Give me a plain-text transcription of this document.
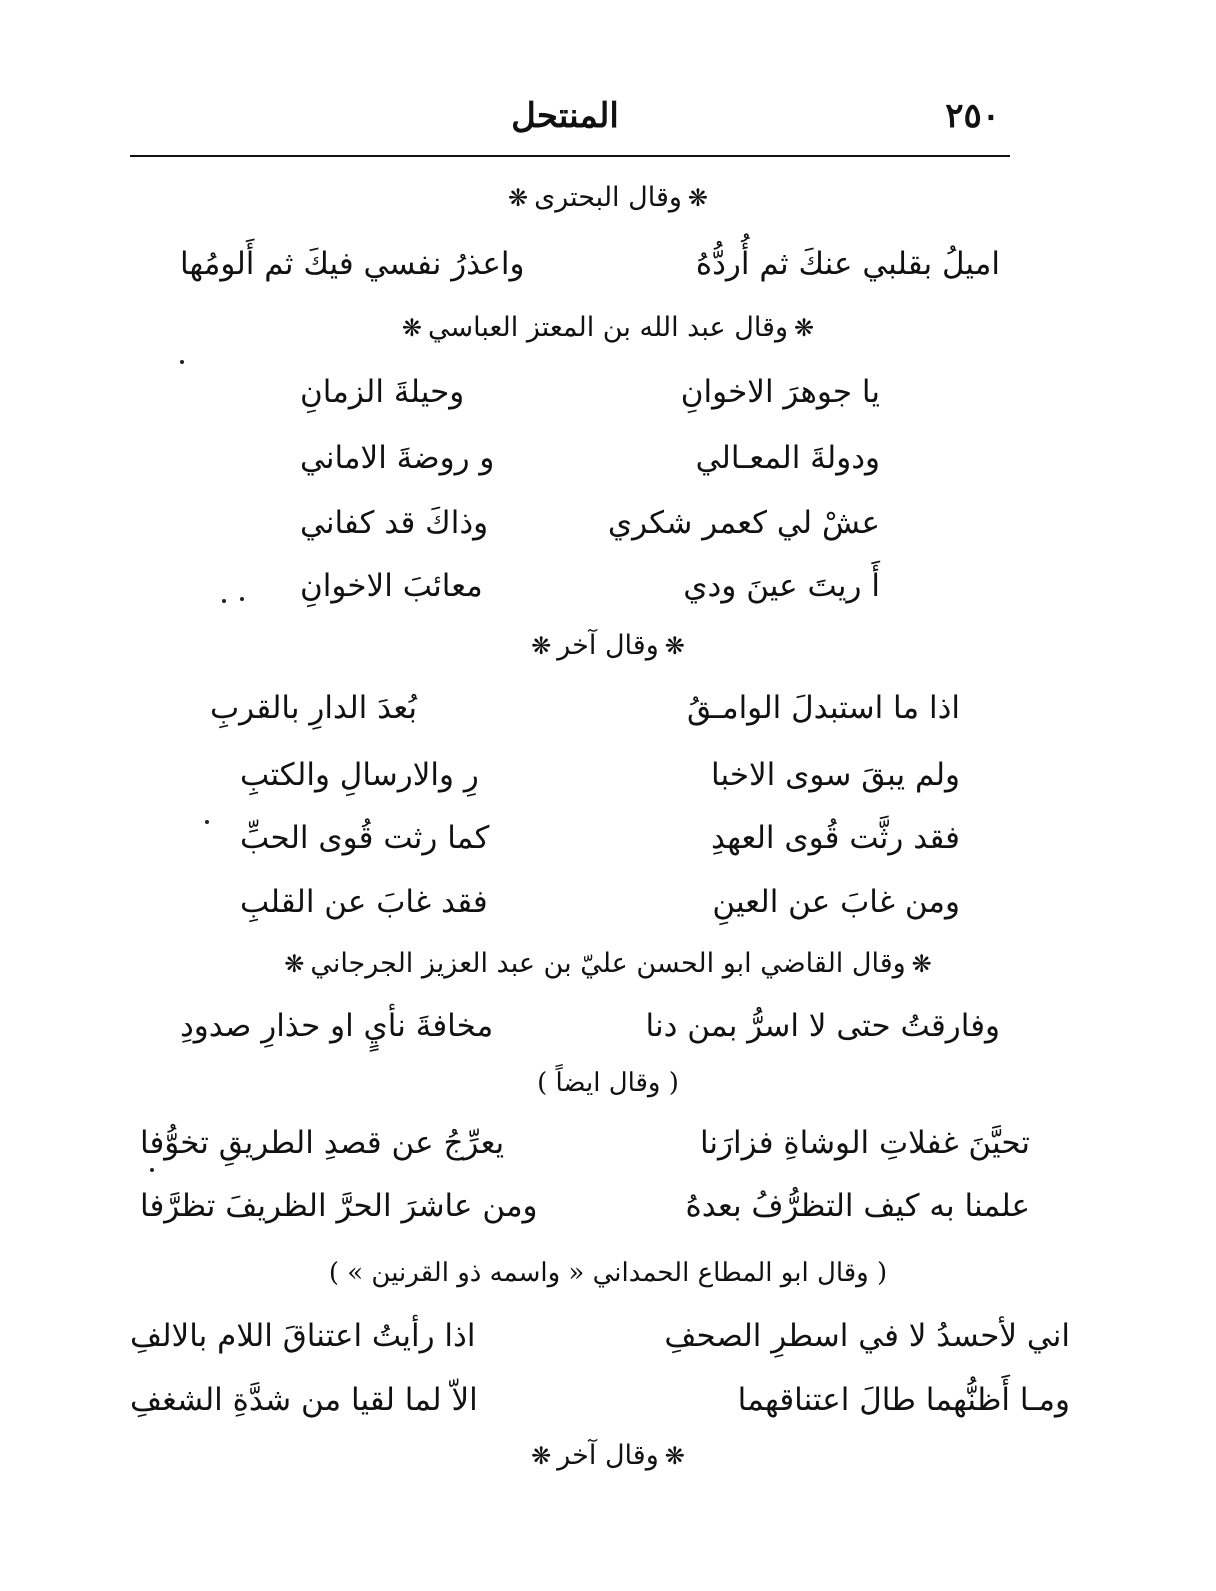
٢٥٠
المنتحل
❋وقال البحترى❋
اميلُ بقلبي عنكَ ثم أُردُّهُ
واعذرُ نفسي فيكَ ثم أَلومُها
❋وقال عبد الله بن المعتز العباسي❋
يا جوهرَ الاخوانِ
وحيلةَ الزمانِ
ودولةَ المعـالي
و روضةَ الاماني
عشْ لي كعمر شكري
وذاكَ قد كفاني
أَ ريتَ عينَ ودي
معائبَ الاخوانِ
❋وقال آخر❋
اذا ما استبدلَ الوامـقُ
بُعدَ الدارِ بالقربِ
ولم يبقَ سوى الاخبا
رِ والارسالِ والكتبِ
فقد رثَّت قُوى العهدِ
كما رثت قُوى الحبِّ
ومن غابَ عن العينِ
فقد غابَ عن القلبِ
❋وقال القاضي ابو الحسن عليّ بن عبد العزيز الجرجاني❋
وفارقتُ حتى لا اسرُّ بمن دنا
مخافةَ نأيٍ او حذارِ صدودِ
( وقال ايضاً )
تحيَّنَ غفلاتِ الوشاةِ فزارَنا
يعرِّجُ عن قصدِ الطريقِ تخوُّفا
علمنا به كيف التظرُّفُ بعدهُ
ومن عاشرَ الحرَّ الظريفَ تظرَّفا
( وقال ابو المطاع الحمداني « واسمه ذو القرنين » )
اني لأحسدُ لا في اسطرِ الصحفِ
اذا رأيتُ اعتناقَ اللام بالالفِ
ومـا أَظنُّهما طالَ اعتناقهما
الاّ لما لقيا من شدَّةِ الشغفِ
❋وقال آخر❋
